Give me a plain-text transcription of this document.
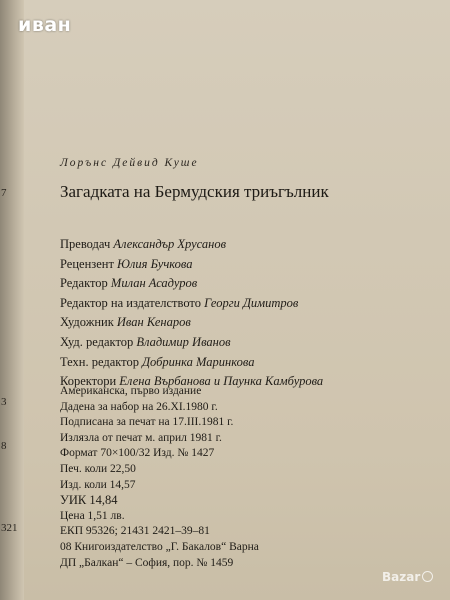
7
3
8
321
иван
Лорънс Дейвид Куше
Загадката на Бермудския триъгълник
Преводач Александър Хрусанов
Рецензент Юлия Бучкова
Редактор Милан Асадуров
Редактор на издателството Георги Димитров
Художник Иван Кенаров
Худ. редактор Владимир Иванов
Техн. редактор Добринка Маринкова
Коректори Елена Върбанова и Паунка Камбурова
Американска, първо издание
Дадена за набор на 26.XI.1980 г.
Подписана за печат на 17.III.1981 г.
Излязла от печат м. април 1981 г.
Формат 70×100/32 Изд. № 1427
Печ. коли 22,50
Изд. коли 14,57
УИК 14,84
Цена 1,51 лв.
ЕКП 95326; 21431 2421–39–81
08 Книгоиздателство „Г. Бакалов“ Варна
ДП „Балкан“ – София, пор. № 1459
Bazar
